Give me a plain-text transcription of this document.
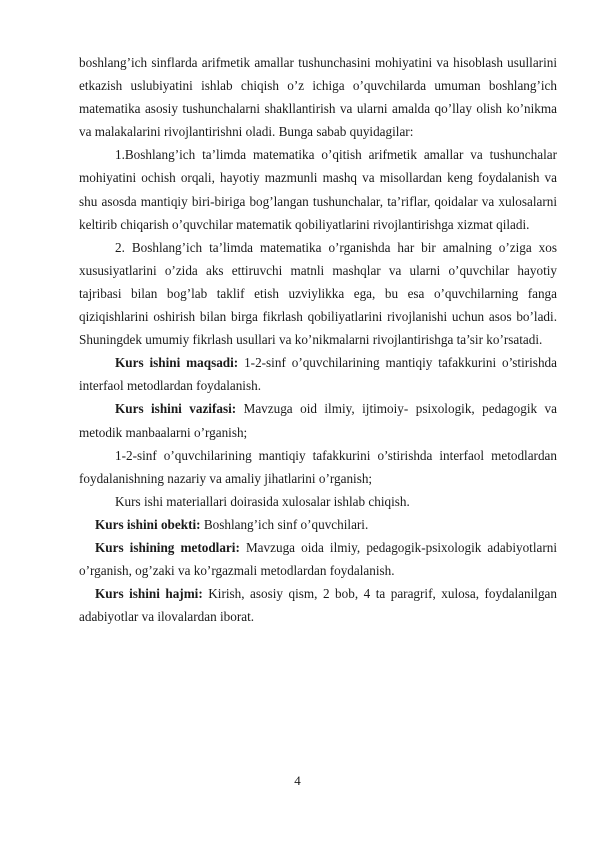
boshlang’ich sinflarda arifmetik amallar tushunchasini mohiyatini va hisoblash usullarini etkazish uslubiyatini ishlab chiqish o’z ichiga o’quvchilarda umuman boshlang’ich matematika asosiy tushunchalarni shakllantirish va ularni amalda qo’llay olish ko’nikma va malakalarini rivojlantirishni oladi. Bunga sabab quyidagilar:

1.Boshlang’ich ta’limda matematika o’qitish arifmetik amallar va tushunchalar mohiyatini ochish orqali, hayotiy mazmunli mashq va misollardan keng foydalanish va shu asosda mantiqiy biri-biriga bog’langan tushunchalar, ta’riflar, qoidalar va xulosalarni keltirib chiqarish o’quvchilar matematik qobiliyatlarini rivojlantirishga xizmat qiladi.

2. Boshlang’ich ta’limda matematika o’rganishda har bir amalning o’ziga xos xususiyatlarini o’zida aks ettiruvchi matnli mashqlar va ularni o’quvchilar hayotiy tajribasi bilan bog’lab taklif etish uzviylikka ega, bu esa o’quvchilarning fanga qiziqishlarini oshirish bilan birga fikrlash qobiliyatlarini rivojlanishi uchun asos bo’ladi. Shuningdek umumiy fikrlash usullari va ko’nikmalarni rivojlantirishga ta’sir ko’rsatadi.

Kurs ishini maqsadi: 1-2-sinf o’quvchilarining mantiqiy tafakkurini o’stirishda interfaol metodlardan foydalanish.

Kurs ishini vazifasi: Mavzuga oid ilmiy, ijtimoiy- psixologik, pedagogik va metodik manbaalarni o’rganish;

1-2-sinf o’quvchilarining mantiqiy tafakkurini o’stirishda interfaol metodlardan foydalanishning nazariy va amaliy jihatlarini o’rganish;

Kurs ishi materiallari doirasida xulosalar ishlab chiqish.

Kurs ishini obekti: Boshlang’ich sinf o’quvchilari.

Kurs ishining metodlari: Mavzuga oida ilmiy, pedagogik-psixologik adabiyotlarni o’rganish, og’zaki va ko’rgazmali metodlardan foydalanish.

Kurs ishini hajmi: Kirish, asosiy qism, 2 bob, 4 ta paragrif, xulosa, foydalanilgan adabiyotlar va ilovalardan iborat.

4
